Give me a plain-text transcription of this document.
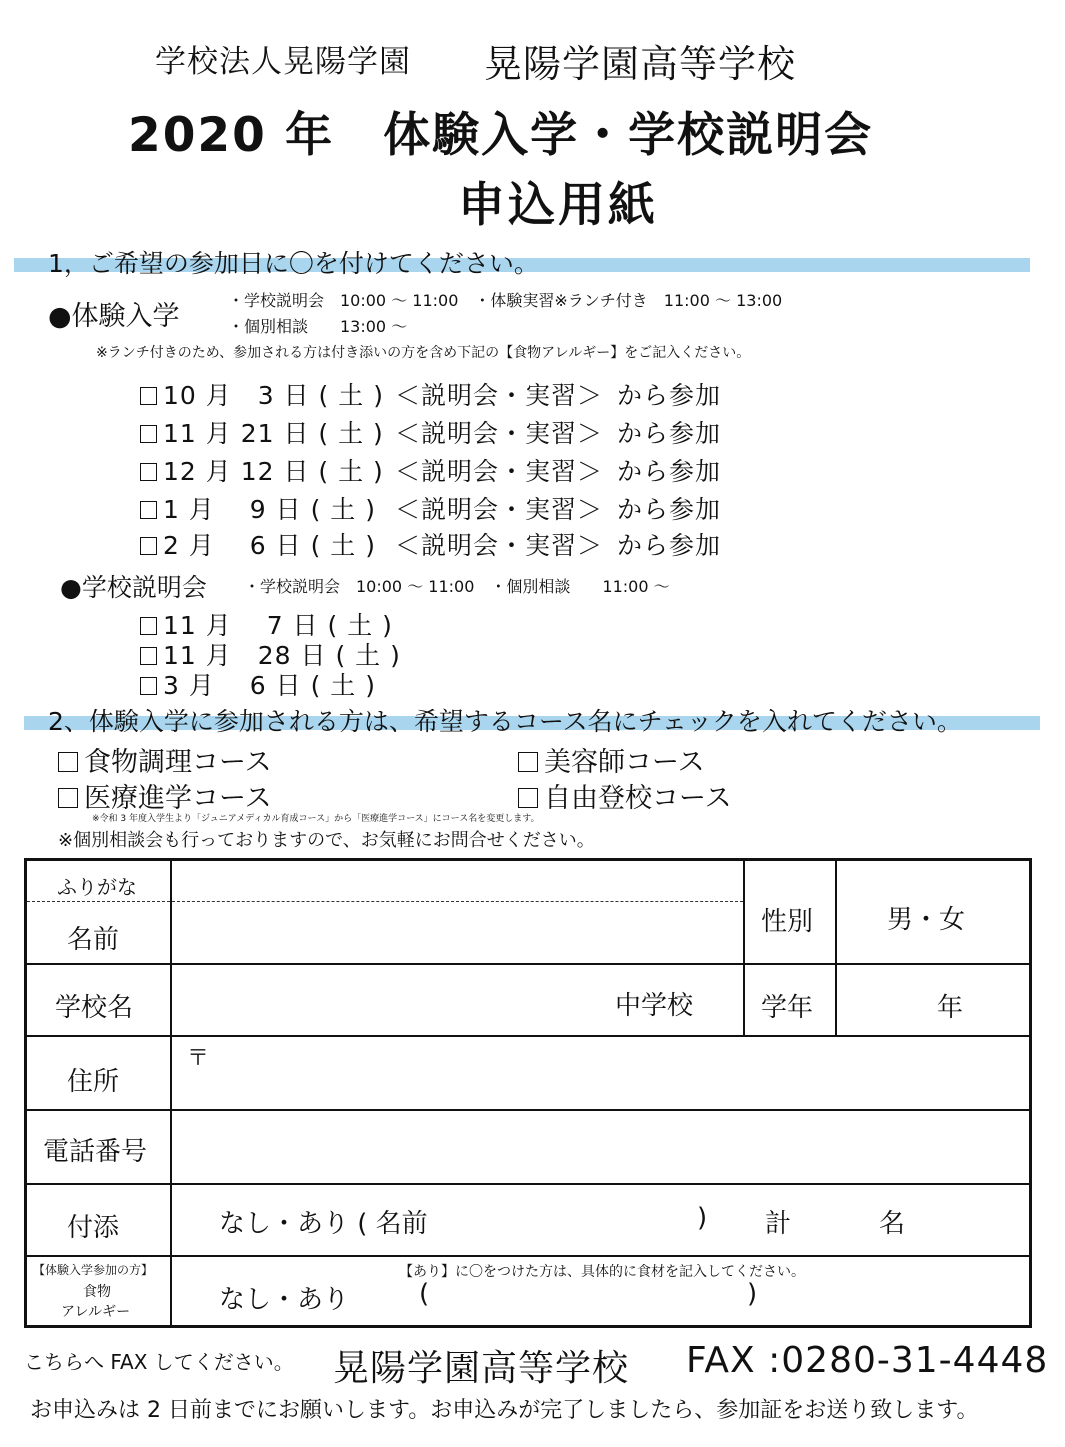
学校法人晃陽学園 晃陽学園高等学校
2020 年　体験入学・学校説明会
申込用紙
1，ご希望の参加日に〇を付けてください。
●体験入学
・学校説明会　10:00 ～ 11:00　・体験実習※ランチ付き　11:00 ～ 13:00
・個別相談　　13:00 ～
※ランチ付きのため、参加される方は付き添いの方を含め下記の【食物アレルギー】をご記入ください。
10 月　3 日 ( 土 ) ＜説明会・実習＞ から参加
11 月 21 日 ( 土 ) ＜説明会・実習＞ から参加
12 月 12 日 ( 土 ) ＜説明会・実習＞ から参加
1 月　 9 日 ( 土 ) ＜説明会・実習＞ から参加
2 月　 6 日 ( 土 ) ＜説明会・実習＞ から参加
●学校説明会 ・学校説明会　10:00 ～ 11:00　・個別相談　　11:00 ～
11 月　 7 日 ( 土 )
11 月　28 日 ( 土 )
3 月　 6 日 ( 土 )
2、体験入学に参加される方は、希望するコース名にチェックを入れてください。
食物調理コース	美容師コース
医療進学コース	自由登校コース
※令和 3 年度入学生より「ジュニアメディカル育成コース」から「医療進学コース」にコース名を変更します。
※個別相談会も行っておりますので、お気軽にお問合せください。
ふりがな
名前
性別	男・女
学校名	中学校	学年	年
住所
〒
電話番号
付添	なし・あり ( 名前	) 計	名
【体験入学参加の方】
食物
アレルギー
【あり】に〇をつけた方は、具体的に食材を記入してください。
なし・あり	(	)
こちらへ FAX してください。 晃陽学園高等学校 FAX :0280-31-4448
お申込みは 2 日前までにお願いします。お申込みが完了しましたら、参加証をお送り致します。
